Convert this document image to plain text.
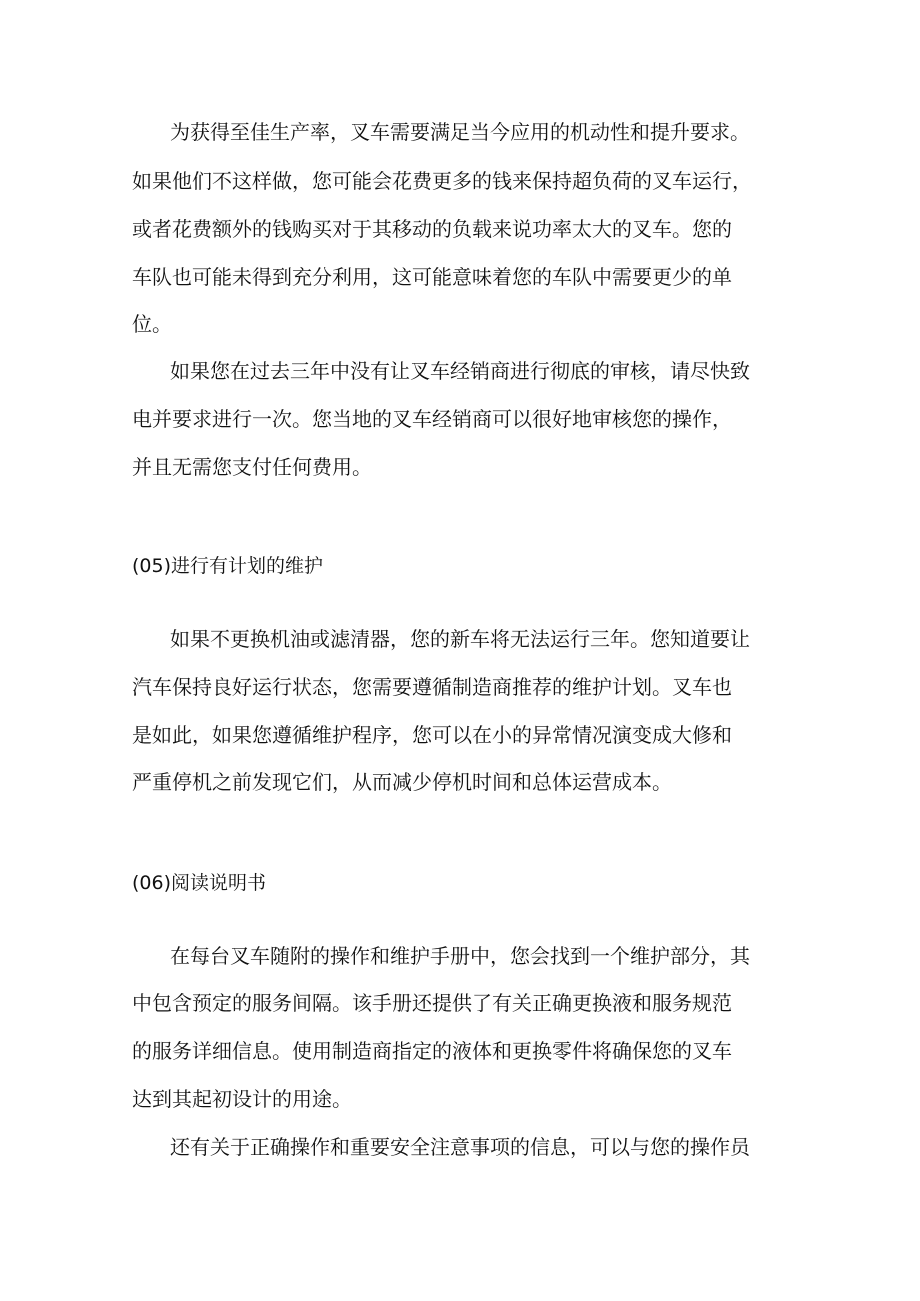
为获得至佳生产率，叉车需要满足当今应用的机动性和提升要求。
如果他们不这样做，您可能会花费更多的钱来保持超负荷的叉车运行，
或者花费额外的钱购买对于其移动的负载来说功率太大的叉车。您的
车队也可能未得到充分利用，这可能意味着您的车队中需要更少的单
位。
如果您在过去三年中没有让叉车经销商进行彻底的审核，请尽快致
电并要求进行一次。您当地的叉车经销商可以很好地审核您的操作，
并且无需您支付任何费用。
(05)进行有计划的维护
如果不更换机油或滤清器，您的新车将无法运行三年。您知道要让
汽车保持良好运行状态，您需要遵循制造商推荐的维护计划。叉车也
是如此，如果您遵循维护程序，您可以在小的异常情况演变成大修和
严重停机之前发现它们，从而减少停机时间和总体运营成本。
(06)阅读说明书
在每台叉车随附的操作和维护手册中，您会找到一个维护部分，其
中包含预定的服务间隔。该手册还提供了有关正确更换液和服务规范
的服务详细信息。使用制造商指定的液体和更换零件将确保您的叉车
达到其起初设计的用途。
还有关于正确操作和重要安全注意事项的信息，可以与您的操作员
